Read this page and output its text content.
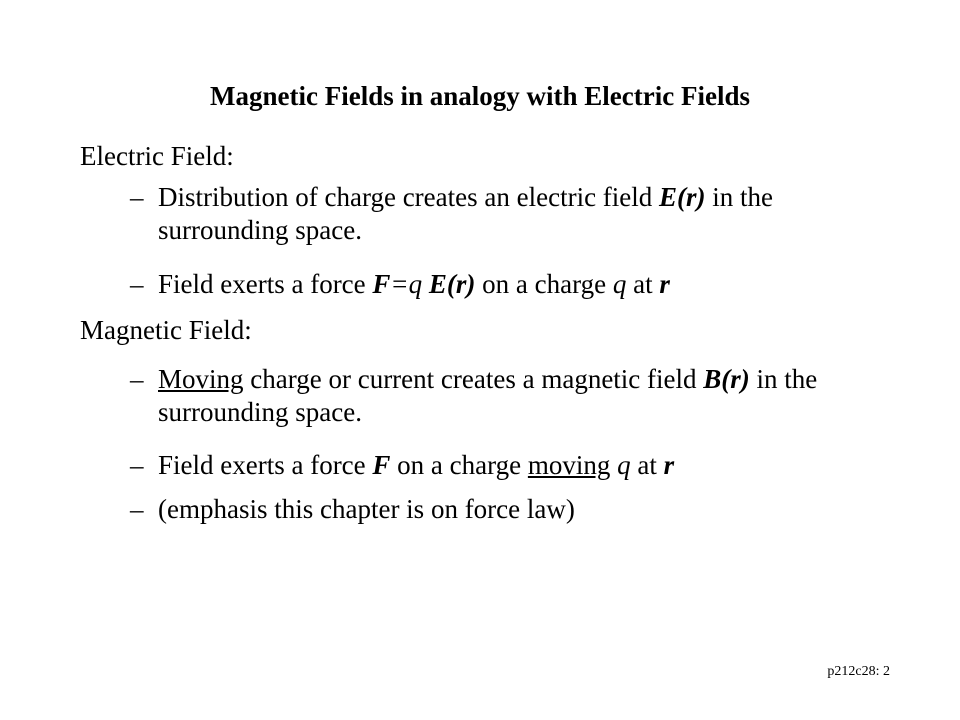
Magnetic Fields in analogy with Electric Fields
Electric Field:
– Distribution of charge creates an electric field E(r) in the surrounding space.
– Field exerts a force F=q E(r) on a charge q at r
Magnetic Field:
– Moving charge or current creates a magnetic field B(r) in the surrounding space.
– Field exerts a force F on a charge moving q at r
– (emphasis this chapter is on force law)
p212c28: 2
